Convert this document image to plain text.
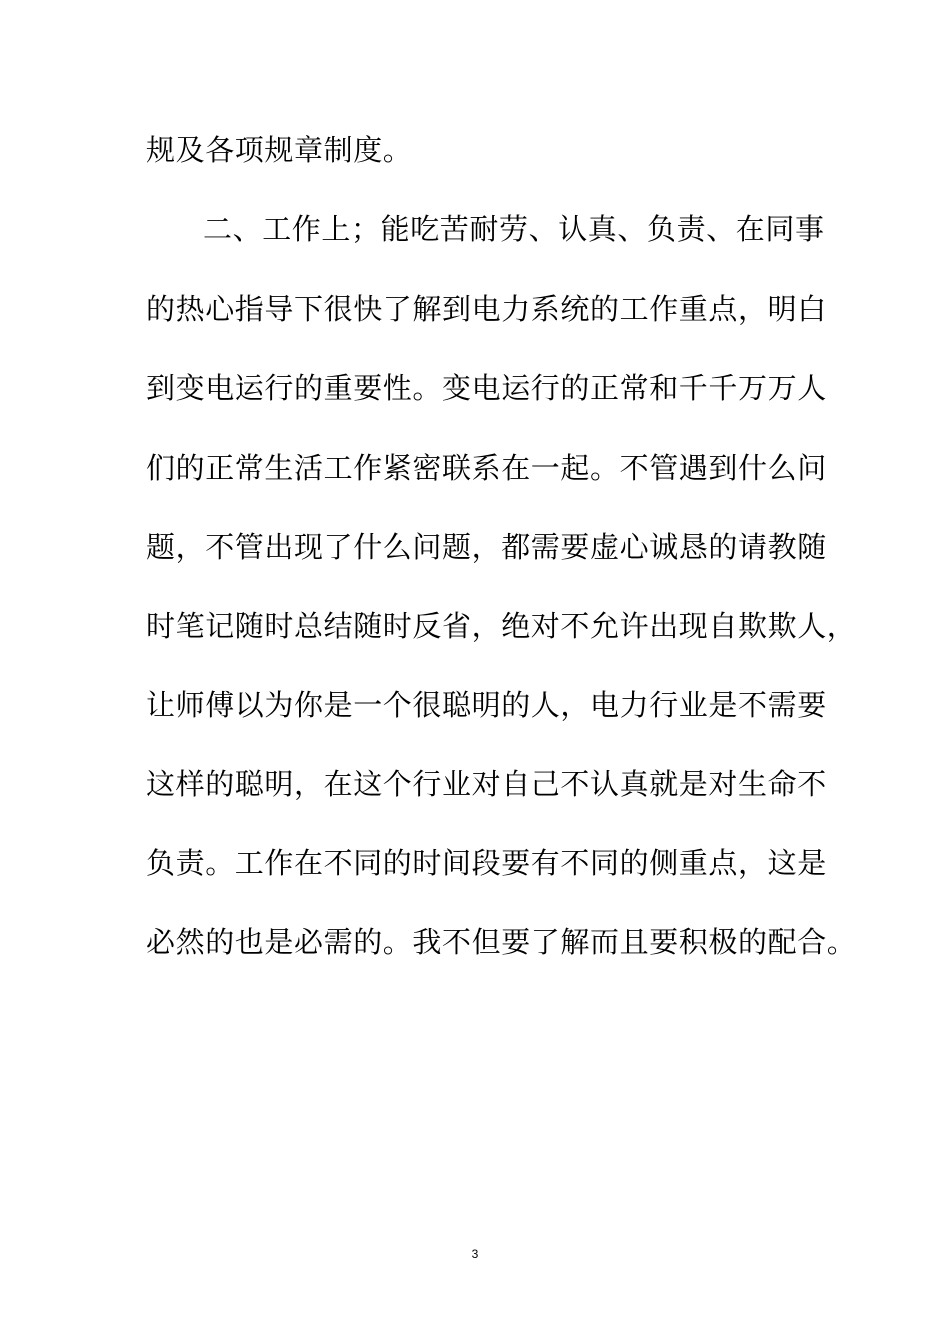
规及各项规章制度。
二、工作上；能吃苦耐劳、认真、负责、在同事
的热心指导下很快了解到电力系统的工作重点，明白
到变电运行的重要性。变电运行的正常和千千万万人
们的正常生活工作紧密联系在一起。不管遇到什么问
题，不管出现了什么问题，都需要虚心诚恳的请教随
时笔记随时总结随时反省，绝对不允许出现自欺欺人，
让师傅以为你是一个很聪明的人，电力行业是不需要
这样的聪明，在这个行业对自己不认真就是对生命不
负责。工作在不同的时间段要有不同的侧重点，这是
必然的也是必需的。我不但要了解而且要积极的配合。
3
